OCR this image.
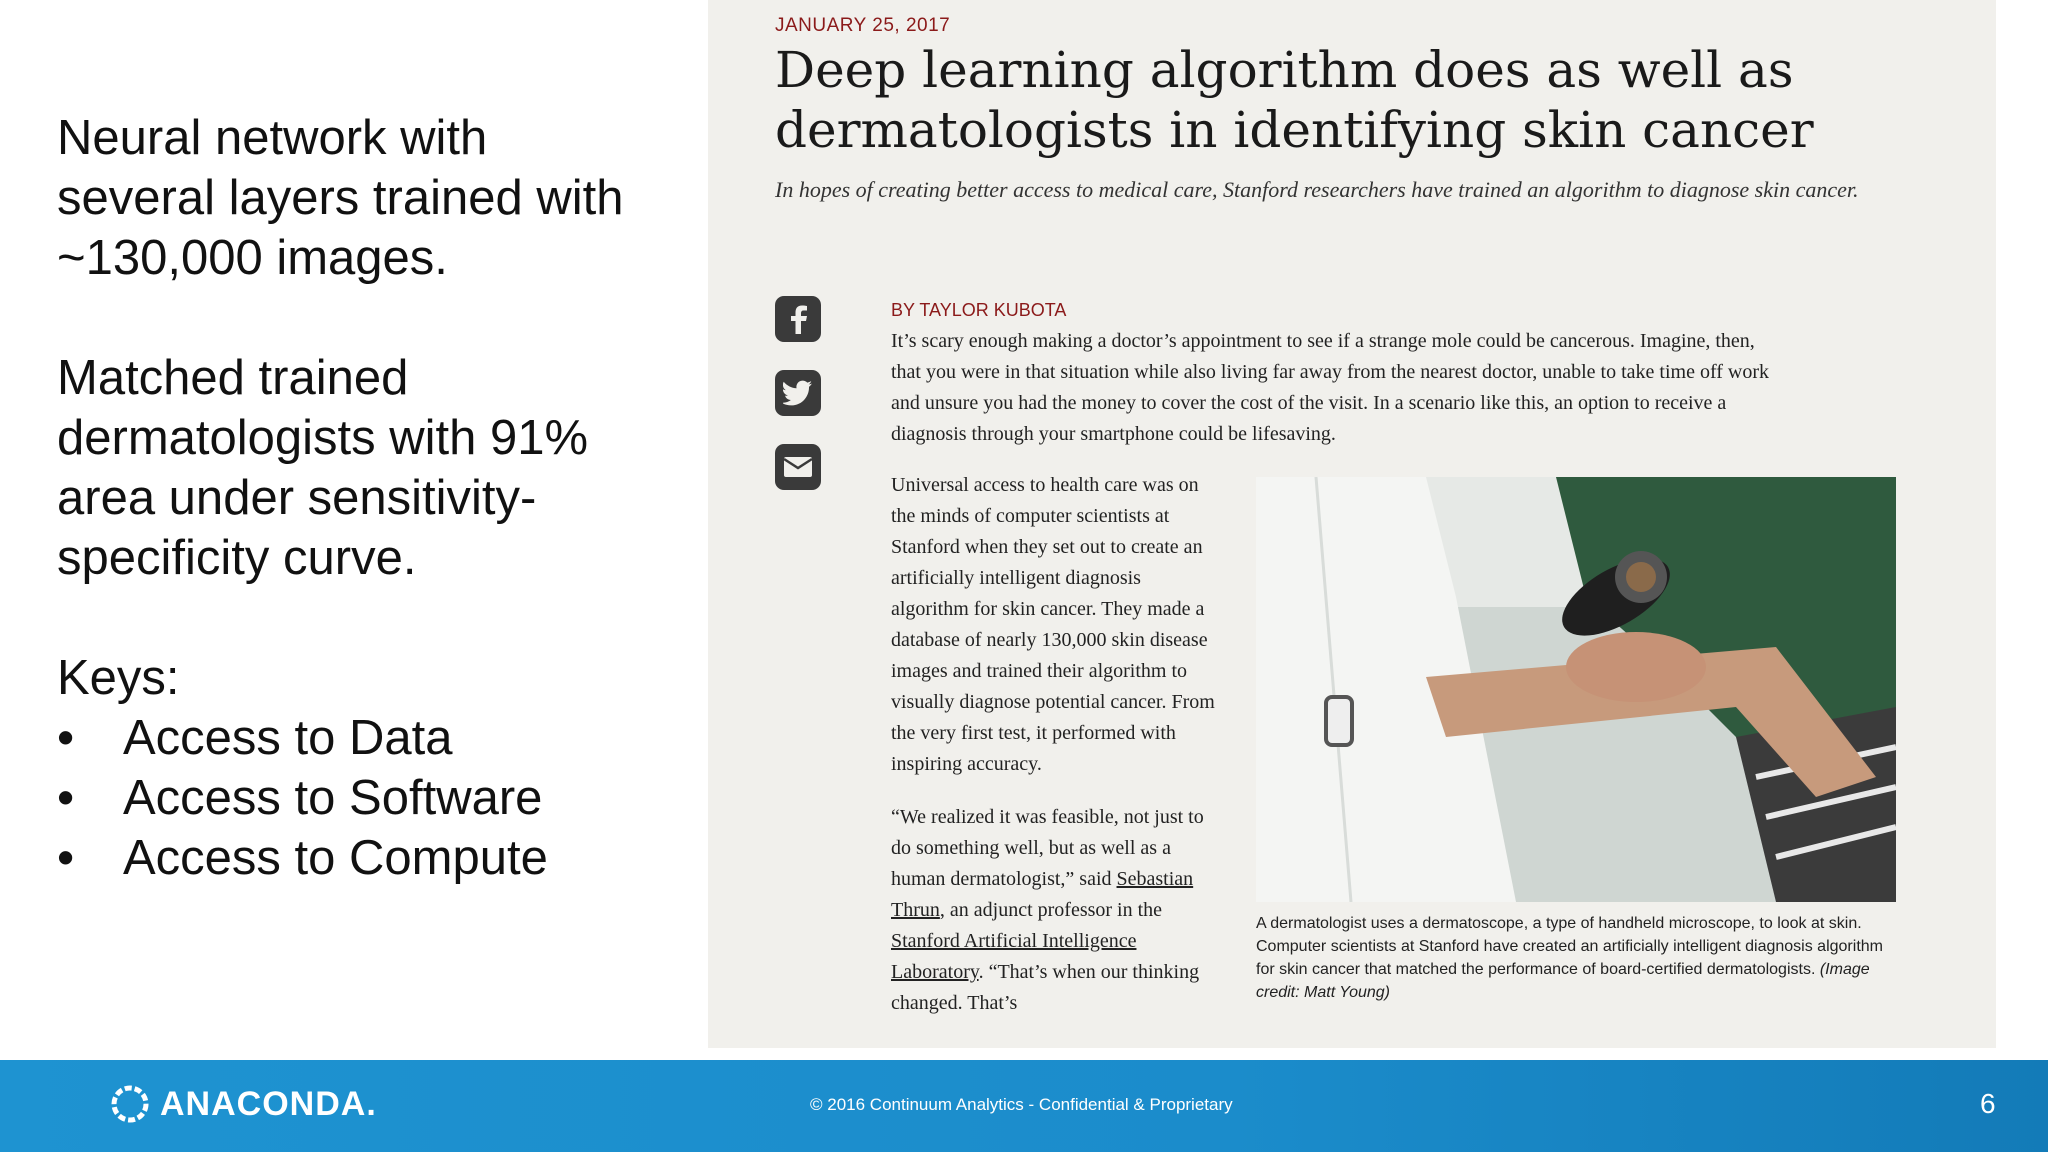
Neural network with several layers trained with ~130,000 images.

Matched trained dermatologists with 91% area under sensitivity-specificity curve.

Keys:
• Access to Data
• Access to Software
• Access to Compute
JANUARY 25, 2017
Deep learning algorithm does as well as dermatologists in identifying skin cancer
In hopes of creating better access to medical care, Stanford researchers have trained an algorithm to diagnose skin cancer.
BY TAYLOR KUBOTA
It’s scary enough making a doctor’s appointment to see if a strange mole could be cancerous. Imagine, then, that you were in that situation while also living far away from the nearest doctor, unable to take time off work and unsure you had the money to cover the cost of the visit. In a scenario like this, an option to receive a diagnosis through your smartphone could be lifesaving.

Universal access to health care was on the minds of computer scientists at Stanford when they set out to create an artificially intelligent diagnosis algorithm for skin cancer. They made a database of nearly 130,000 skin disease images and trained their algorithm to visually diagnose potential cancer. From the very first test, it performed with inspiring accuracy.

“We realized it was feasible, not just to do something well, but as well as a human dermatologist,” said Sebastian Thrun, an adjunct professor in the Stanford Artificial Intelligence Laboratory. “That’s when our thinking changed. That’s

A dermatologist uses a dermatoscope, a type of handheld microscope, to look at skin. Computer scientists at Stanford have created an artificially intelligent diagnosis algorithm for skin cancer that matched the performance of board-certified dermatologists. (Image credit: Matt Young)
ANACONDA.	© 2016 Continuum Analytics - Confidential & Proprietary	6
